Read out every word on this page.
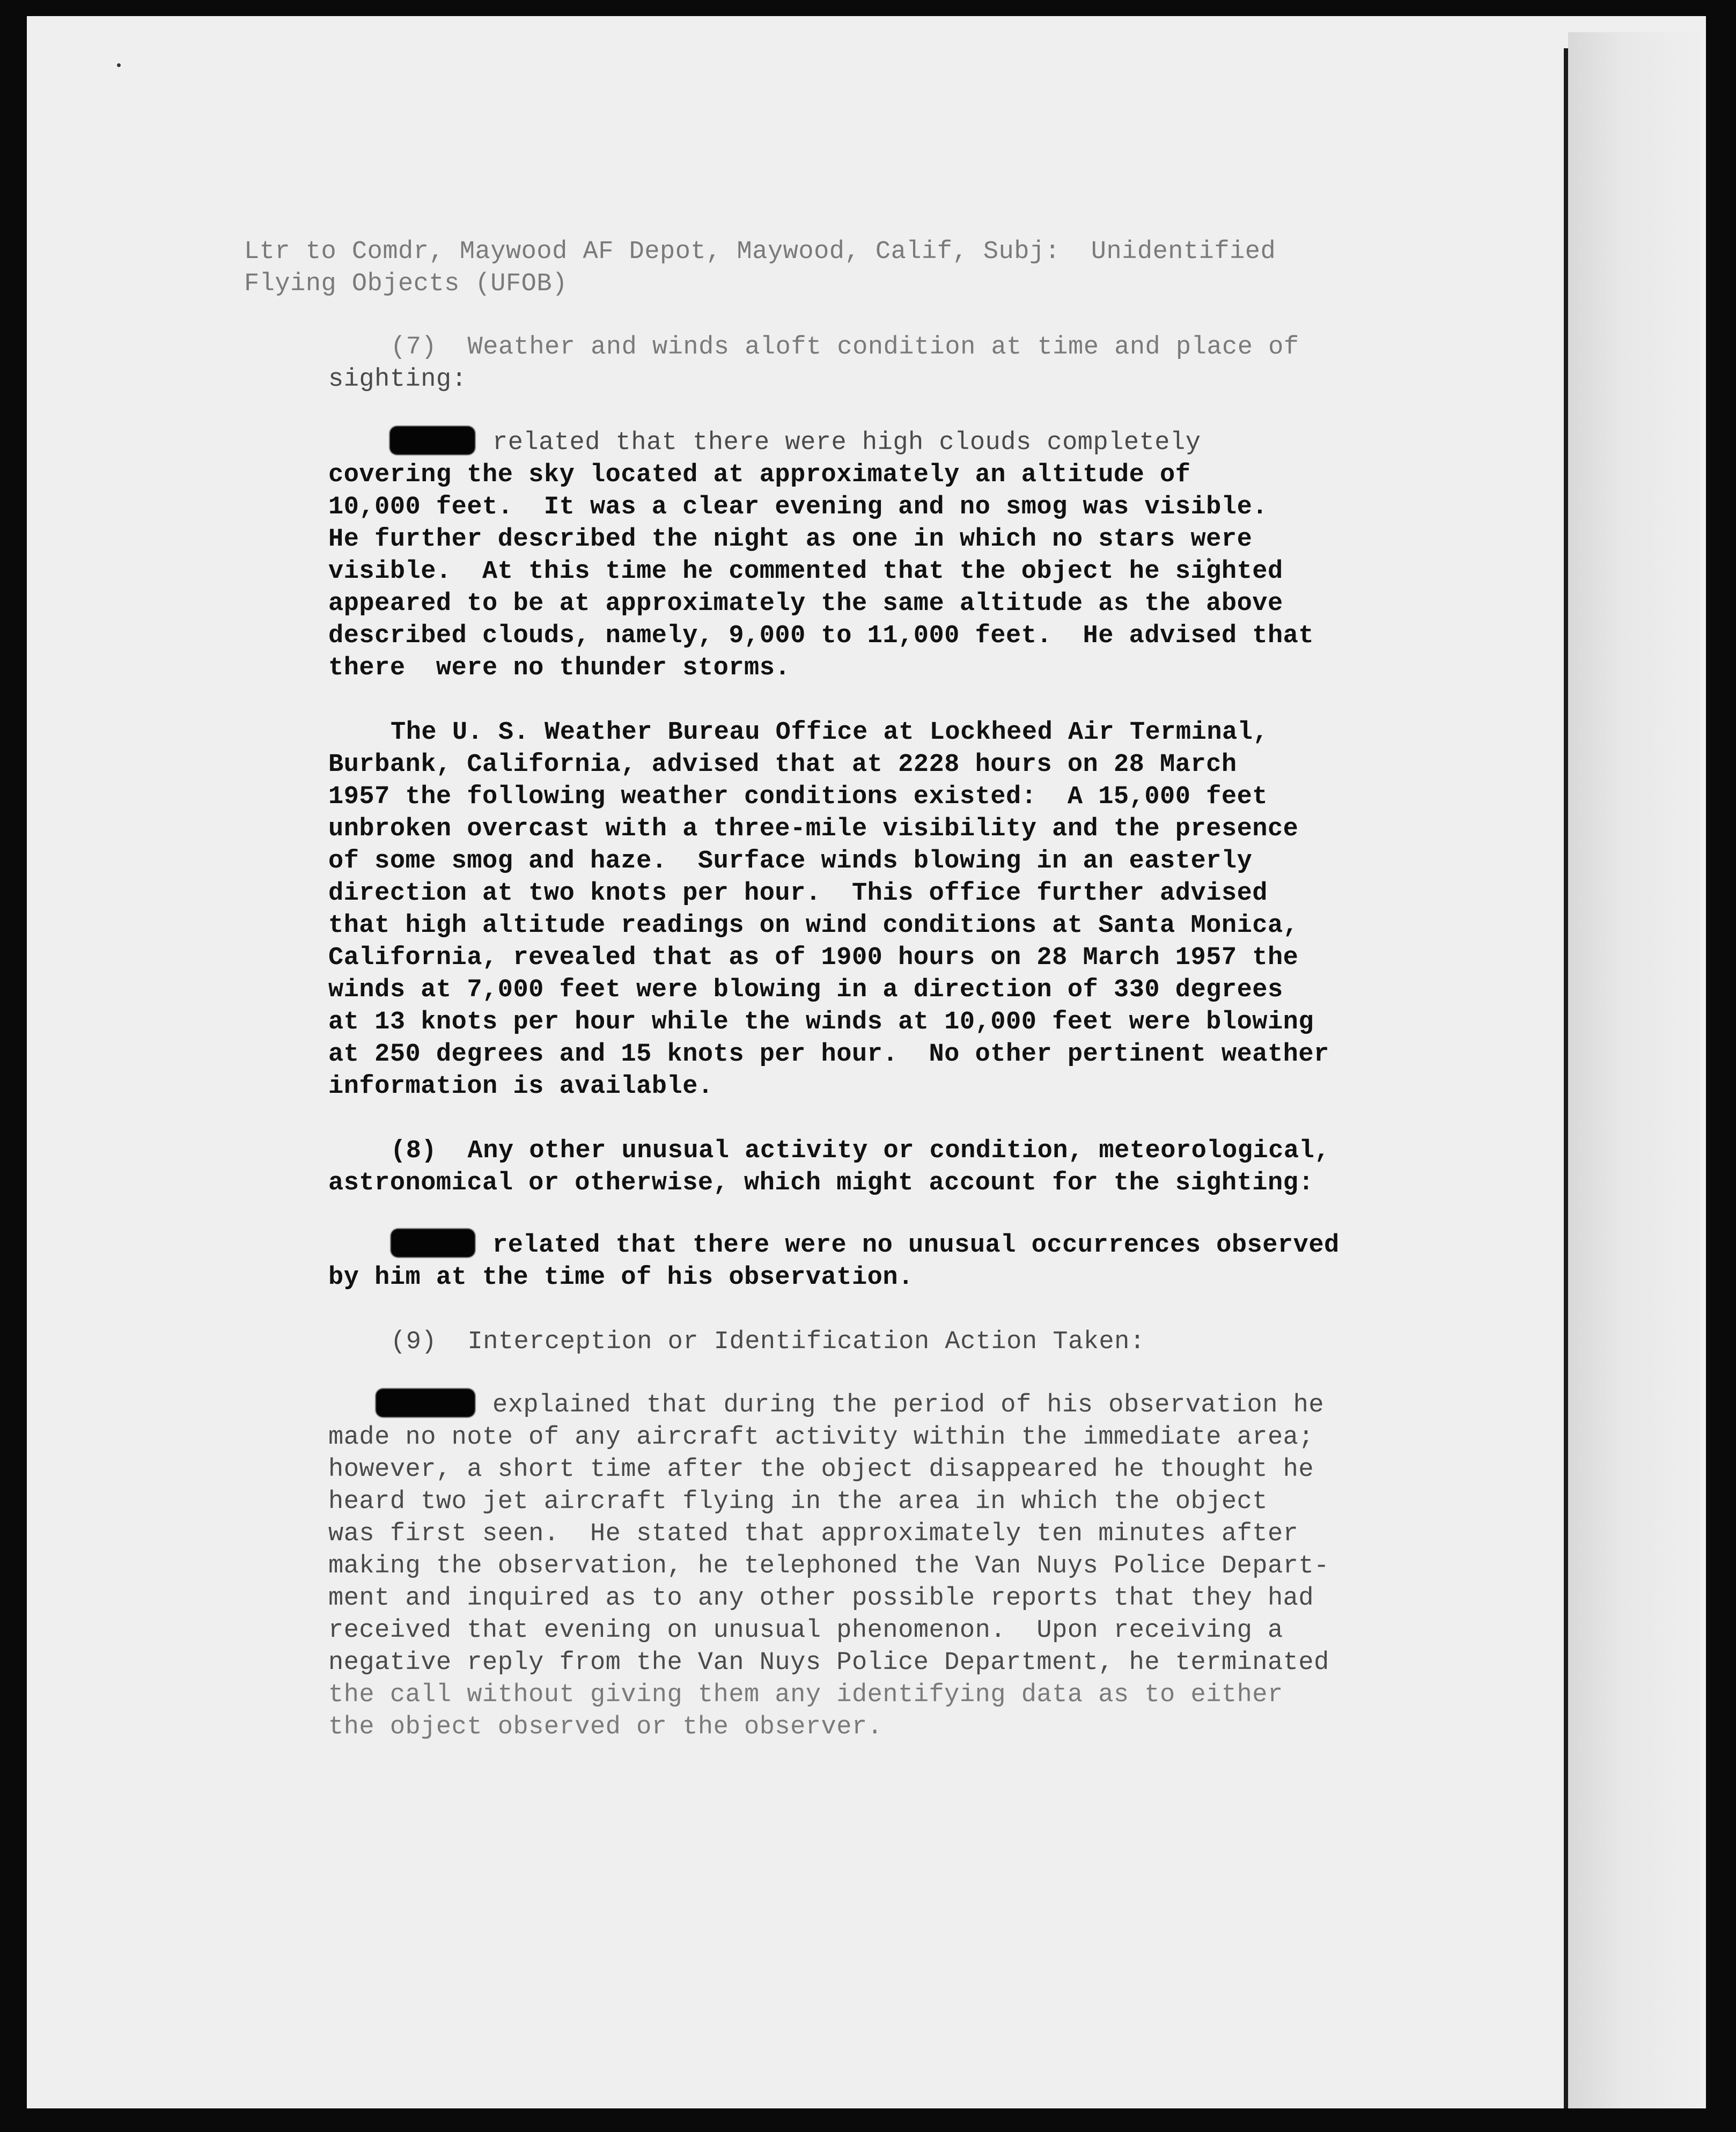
Ltr to Comdr, Maywood AF Depot, Maywood, Calif, Subj:  Unidentified
Flying Objects (UFOB)
(7)  Weather and winds aloft condition at time and place of
sighting:
related that there were high clouds completely
covering the sky located at approximately an altitude of
10,000 feet.  It was a clear evening and no smog was visible.
He further described the night as one in which no stars were
visible.  At this time he commented that the object he sighted
appeared to be at approximately the same altitude as the above
described clouds, namely, 9,000 to 11,000 feet.  He advised that
there  were no thunder storms.
The U. S. Weather Bureau Office at Lockheed Air Terminal,
Burbank, California, advised that at 2228 hours on 28 March
1957 the following weather conditions existed:  A 15,000 feet
unbroken overcast with a three-mile visibility and the presence
of some smog and haze.  Surface winds blowing in an easterly
direction at two knots per hour.  This office further advised
that high altitude readings on wind conditions at Santa Monica,
California, revealed that as of 1900 hours on 28 March 1957 the
winds at 7,000 feet were blowing in a direction of 330 degrees
at 13 knots per hour while the winds at 10,000 feet were blowing
at 250 degrees and 15 knots per hour.  No other pertinent weather
information is available.
(8)  Any other unusual activity or condition, meteorological,
astronomical or otherwise, which might account for the sighting:
related that there were no unusual occurrences observed
by him at the time of his observation.
(9)  Interception or Identification Action Taken:
explained that during the period of his observation he
made no note of any aircraft activity within the immediate area;
however, a short time after the object disappeared he thought he
heard two jet aircraft flying in the area in which the object
was first seen.  He stated that approximately ten minutes after
making the observation, he telephoned the Van Nuys Police Depart-
ment and inquired as to any other possible reports that they had
received that evening on unusual phenomenon.  Upon receiving a
negative reply from the Van Nuys Police Department, he terminated
the call without giving them any identifying data as to either
the object observed or the observer.
